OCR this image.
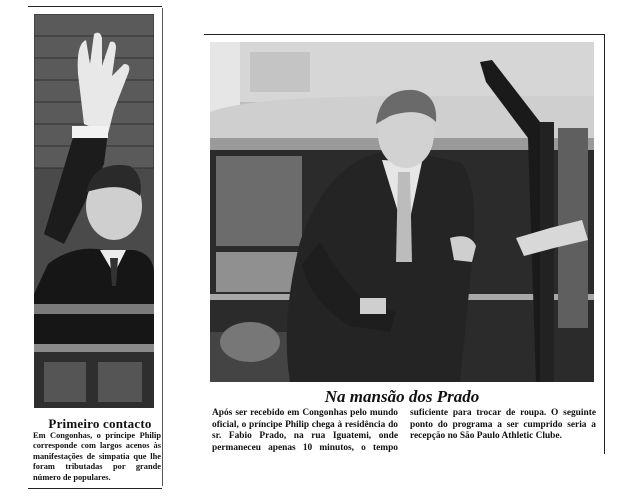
Primeiro contacto

Em Congonhas, o príncipe Philip corresponde com largos acenos às manifestações de simpatia que lhe foram tributadas por grande número de populares.

Na mansão dos Prado

Após ser recebido em Congonhas pelo mundo oficial, o príncipe Philip chega à residência do sr. Fabio Prado, na rua Iguatemi, onde permaneceu apenas 10 minutos, o tempo suficiente para trocar de roupa. O seguinte ponto do programa a ser cumprido seria a recepção no São Paulo Athletic Clube.
